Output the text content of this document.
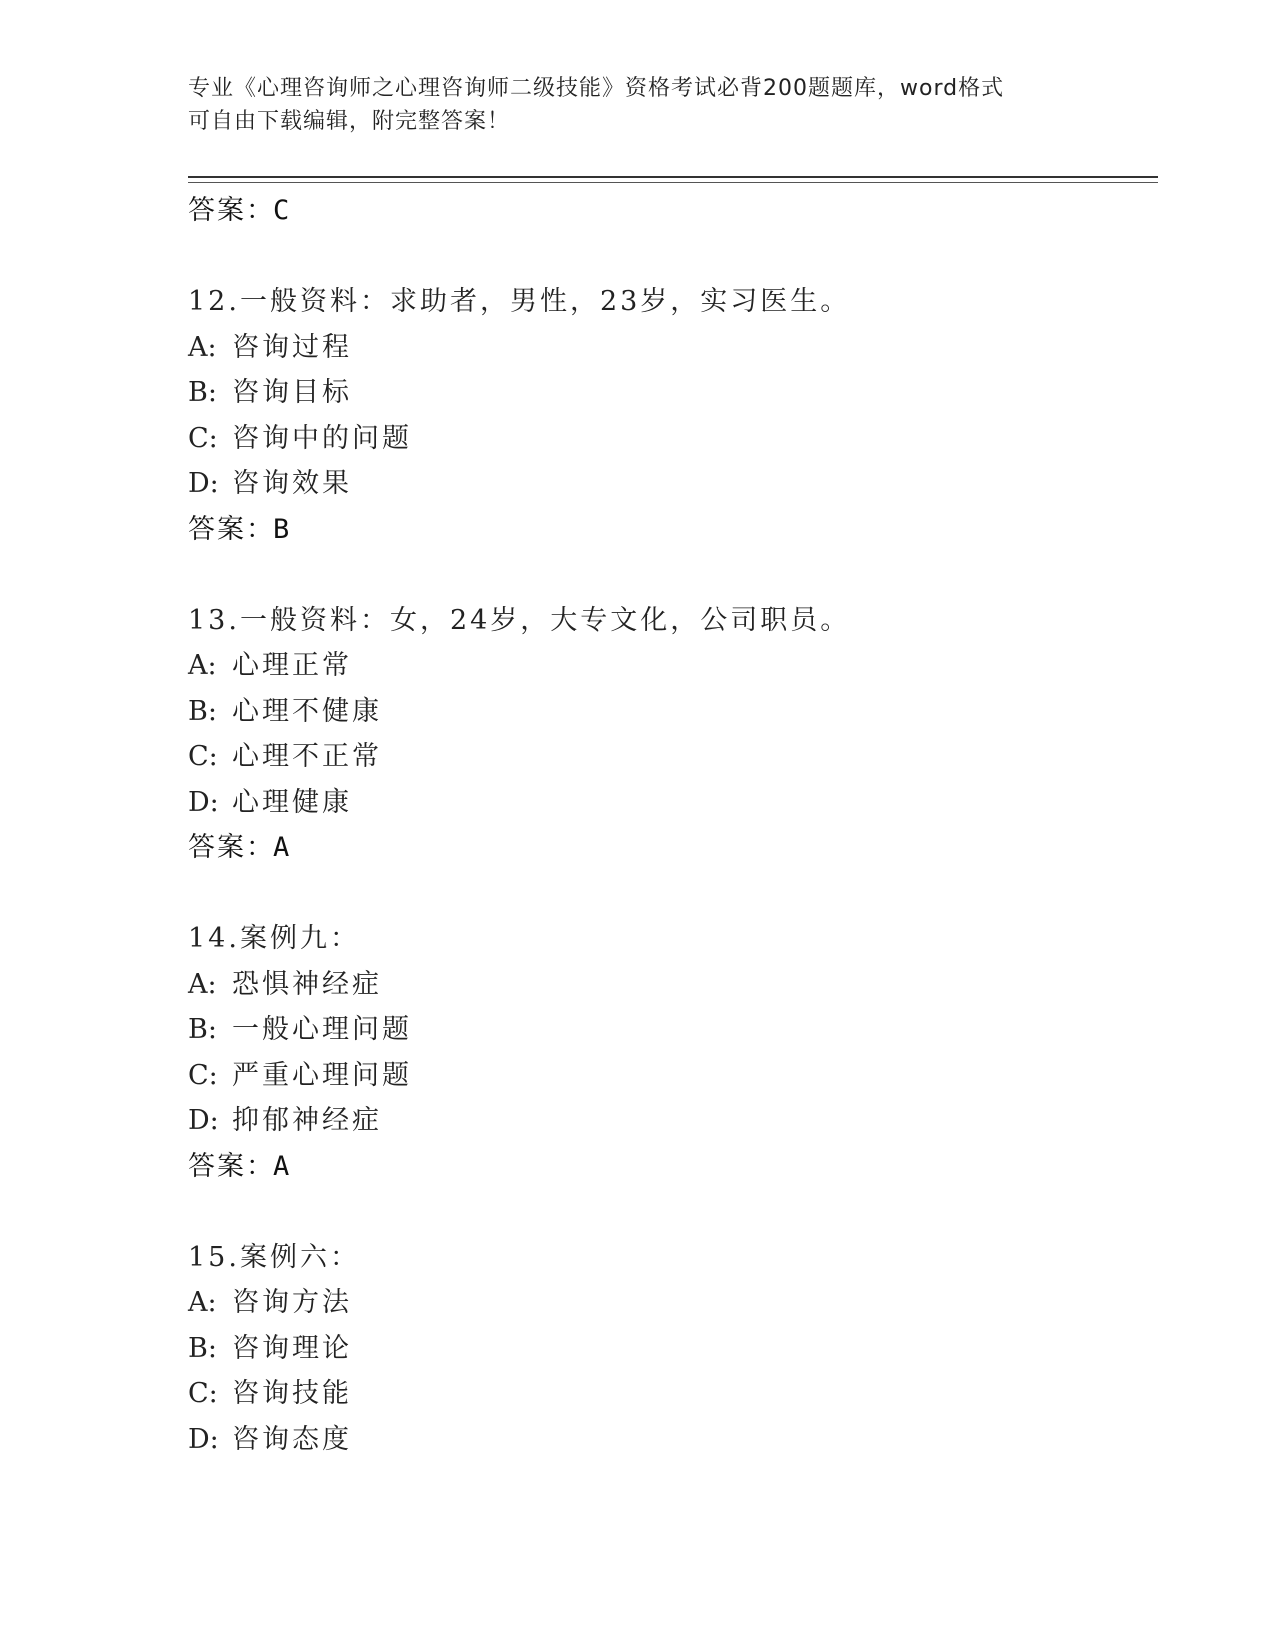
专业《心理咨询师之心理咨询师二级技能》资格考试必背200题题库，word格式
可自由下载编辑，附完整答案！
答案：C
12.一般资料：求助者，男性，23岁，实习医生。
A: 咨询过程
B: 咨询目标
C: 咨询中的问题
D: 咨询效果
答案：B
13.一般资料：女，24岁，大专文化，公司职员。
A: 心理正常
B: 心理不健康
C: 心理不正常
D: 心理健康
答案：A
14.案例九：
A: 恐惧神经症
B: 一般心理问题
C: 严重心理问题
D: 抑郁神经症
答案：A
15.案例六：
A: 咨询方法
B: 咨询理论
C: 咨询技能
D: 咨询态度
